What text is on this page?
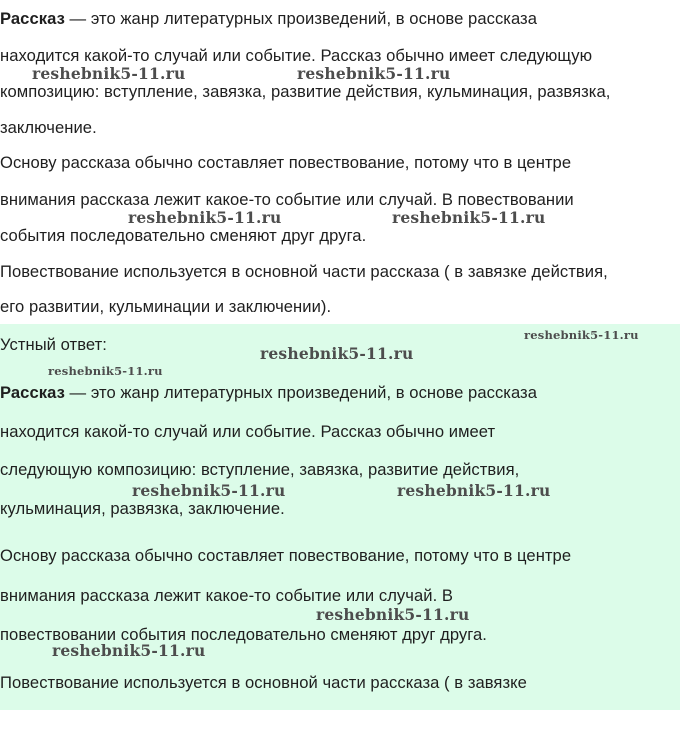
Рассказ — это жанр литературных произведений, в основе рассказа
находится какой-то случай или событие. Рассказ обычно имеет следующую
композицию: вступление, завязка, развитие действия, кульминация, развязка,
заключение.
Основу рассказа обычно составляет повествование, потому что в центре
внимания рассказа лежит какое-то событие или случай. В повествовании
события последовательно сменяют друг друга.
Повествование используется в основной части рассказа ( в завязке действия,
его развитии, кульминации и заключении).
Устный ответ:
Рассказ — это жанр литературных произведений, в основе рассказа
находится какой-то случай или событие. Рассказ обычно имеет
следующую композицию: вступление, завязка, развитие действия,
кульминация, развязка, заключение.
Основу рассказа обычно составляет повествование, потому что в центре
внимания рассказа лежит какое-то событие или случай. В
повествовании события последовательно сменяют друг друга.
Повествование используется в основной части рассказа ( в завязке
reshebnik5-11.ru	reshebnik5-11.ru
reshebnik5-11.ru	reshebnik5-11.ru
reshebnik5-11.ru
reshebnik5-11.ru
reshebnik5-11.ru
reshebnik5-11.ru	reshebnik5-11.ru
reshebnik5-11.ru
reshebnik5-11.ru
